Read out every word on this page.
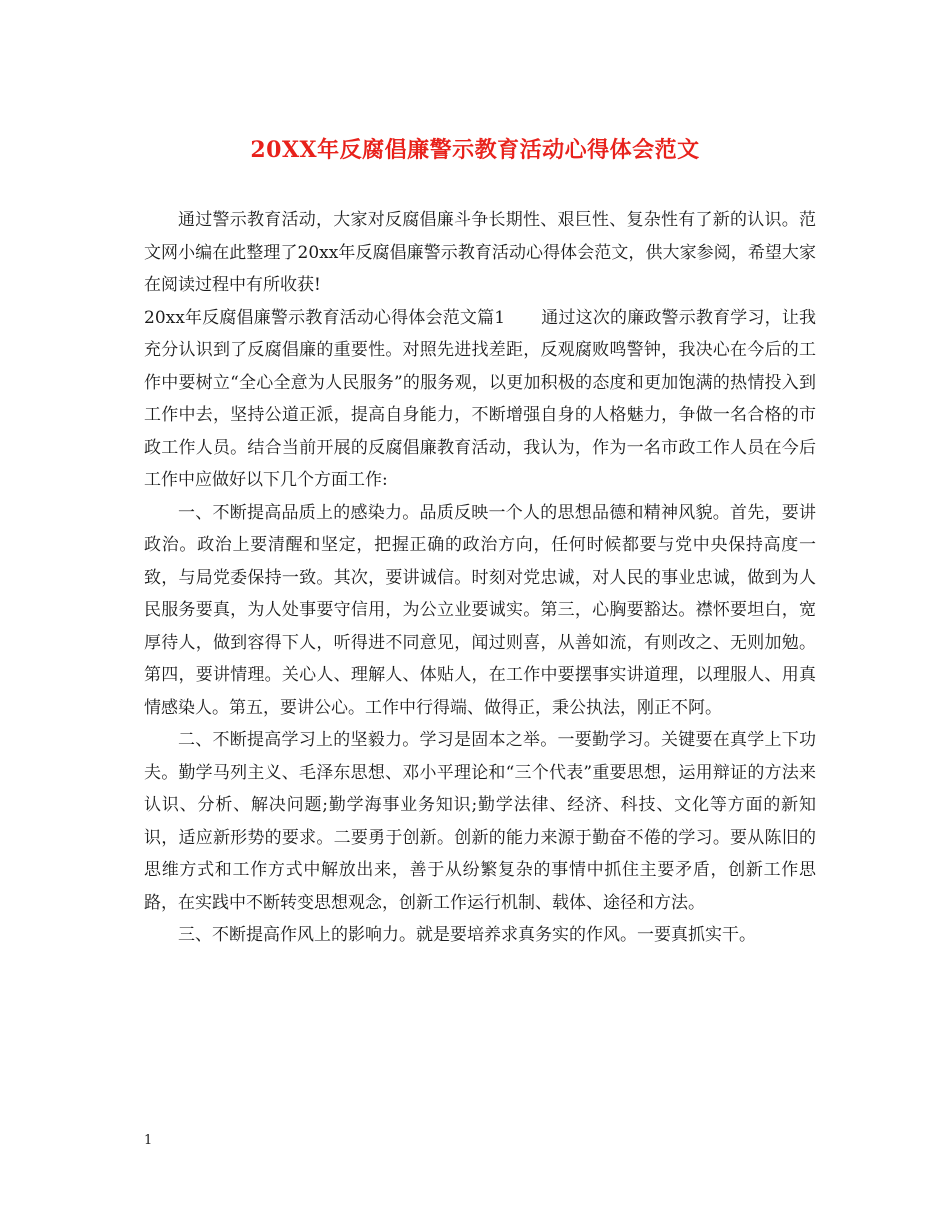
20XX年反腐倡廉警示教育活动心得体会范文

通过警示教育活动，大家对反腐倡廉斗争长期性、艰巨性、复杂性有了新的认识。范文网小编在此整理了20xx年反腐倡廉警示教育活动心得体会范文，供大家参阅，希望大家在阅读过程中有所收获!

20xx年反腐倡廉警示教育活动心得体会范文篇1 通过这次的廉政警示教育学习，让我充分认识到了反腐倡廉的重要性。对照先进找差距，反观腐败鸣警钟，我决心在今后的工作中要树立“全心全意为人民服务”的服务观，以更加积极的态度和更加饱满的热情投入到工作中去，坚持公道正派，提高自身能力，不断增强自身的人格魅力，争做一名合格的市政工作人员。结合当前开展的反腐倡廉教育活动，我认为，作为一名市政工作人员在今后工作中应做好以下几个方面工作:

一、不断提高品质上的感染力。品质反映一个人的思想品德和精神风貌。首先，要讲政治。政治上要清醒和坚定，把握正确的政治方向，任何时候都要与党中央保持高度一致，与局党委保持一致。其次，要讲诚信。时刻对党忠诚，对人民的事业忠诚，做到为人民服务要真，为人处事要守信用，为公立业要诚实。第三，心胸要豁达。襟怀要坦白，宽厚待人，做到容得下人，听得进不同意见，闻过则喜，从善如流，有则改之、无则加勉。第四，要讲情理。关心人、理解人、体贴人，在工作中要摆事实讲道理，以理服人、用真情感染人。第五，要讲公心。工作中行得端、做得正，秉公执法，刚正不阿。

二、不断提高学习上的坚毅力。学习是固本之举。一要勤学习。关键要在真学上下功夫。勤学马列主义、毛泽东思想、邓小平理论和“三个代表”重要思想，运用辩证的方法来认识、分析、解决问题;勤学海事业务知识;勤学法律、经济、科技、文化等方面的新知识，适应新形势的要求。二要勇于创新。创新的能力来源于勤奋不倦的学习。要从陈旧的思维方式和工作方式中解放出来，善于从纷繁复杂的事情中抓住主要矛盾，创新工作思路，在实践中不断转变思想观念，创新工作运行机制、载体、途径和方法。

三、不断提高作风上的影响力。就是要培养求真务实的作风。一要真抓实干。

1
